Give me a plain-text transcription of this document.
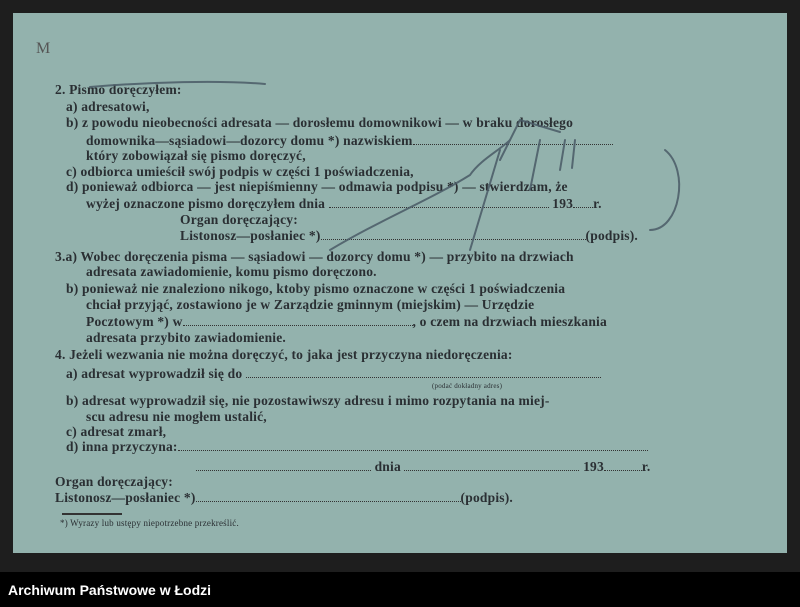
M
2. Pismo doręczyłem:
a) adresatowi,
b) z powodu nieobecności adresata — dorosłemu domownikowi — w braku dorosłego
domownika—sąsiadowi—dozorcy domu *) nazwiskiem
który zobowiązał się pismo doręczyć,
c) odbiorca umieścił swój podpis w części 1 poświadczenia,
d) ponieważ odbiorca — jest niepiśmienny — odmawia podpisu *) — stwierdzam, że
wyżej oznaczone pismo doręczyłem dnia	193 r.
Organ doręczający:
Listonosz—posłaniec *)	(podpis).
3.a) Wobec doręczenia pisma — sąsiadowi — dozorcy domu *) — przybito na drzwiach
adresata zawiadomienie, komu pismo doręczono.
b) ponieważ nie znaleziono nikogo, ktoby pismo oznaczone w części 1 poświadczenia
chciał przyjąć, zostawiono je w Zarządzie gminnym (miejskim) — Urzędzie
Pocztowym *) w	, o czem na drzwiach mieszkania
adresata przybito zawiadomienie.
4. Jeżeli wezwania nie można doręczyć, to jaka jest przyczyna niedoręczenia:
a) adresat wyprowadził się do
(podać dokładny adres)
b) adresat wyprowadził się, nie pozostawiwszy adresu i mimo rozpytania na miej-
scu adresu nie mogłem ustalić,
c) adresat zmarł,
d) inna przyczyna:
dnia	193	r.
Organ doręczający:
Listonosz—posłaniec *)	(podpis).
*) Wyrazy lub ustępy niepotrzebne przekreślić.
Archiwum Państwowe w Łodzi
